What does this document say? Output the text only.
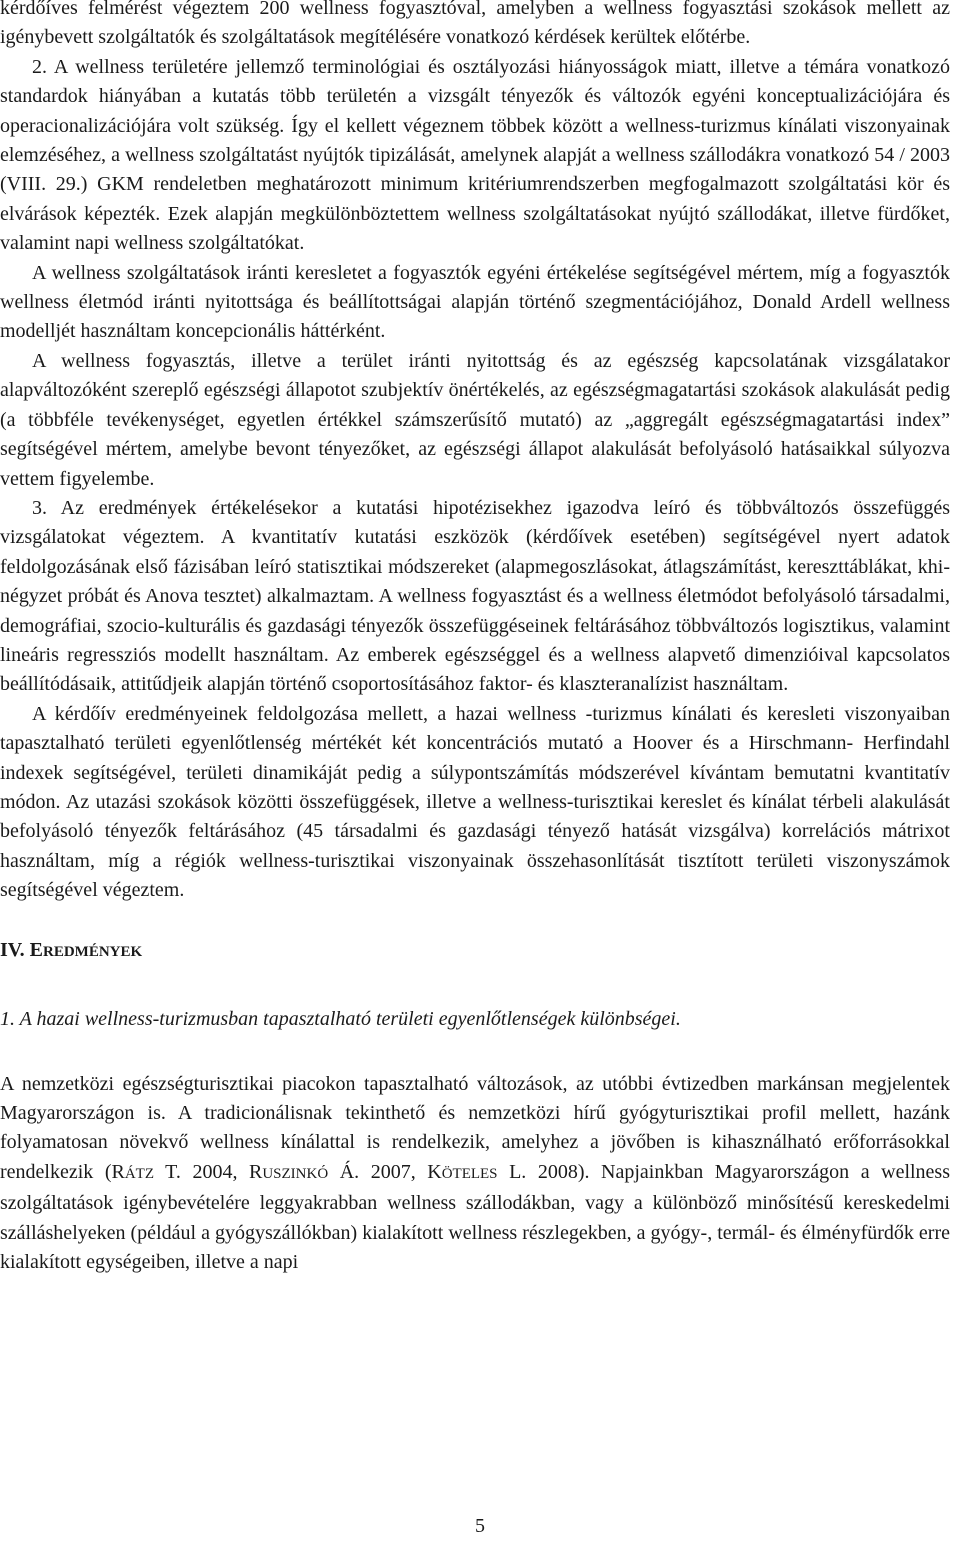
kérdőíves felmérést végeztem 200 wellness fogyasztóval, amelyben a wellness fogyasztási szokások mellett az igénybevett szolgáltatók és szolgáltatások megítélésére vonatkozó kérdések kerültek előtérbe.

2. A wellness területére jellemző terminológiai és osztályozási hiányosságok miatt, illetve a témára vonatkozó standardok hiányában a kutatás több területén a vizsgált tényezők és változók egyéni konceptualizációjára és operacionalizációjára volt szükség. Így el kellett végeznem többek között a wellness-turizmus kínálati viszonyainak elemzéséhez, a wellness szolgáltatást nyújtók tipizálását, amelynek alapját a wellness szállodákra vonatkozó 54 / 2003 (VIII. 29.) GKM rendeletben meghatározott minimum kritériumrendszerben megfogalmazott szolgáltatási kör és elvárások képezték. Ezek alapján megkülönböztettem wellness szolgáltatásokat nyújtó szállodákat, illetve fürdőket, valamint napi wellness szolgáltatókat.

A wellness szolgáltatások iránti keresletet a fogyasztók egyéni értékelése segítségével mértem, míg a fogyasztók wellness életmód iránti nyitottsága és beállítottságai alapján történő szegmentációjához, Donald Ardell wellness modelljét használtam koncepcionális háttérként.

A wellness fogyasztás, illetve a terület iránti nyitottság és az egészség kapcsolatának vizsgálatakor alapváltozóként szereplő egészségi állapotot szubjektív önértékelés, az egészségmagatartási szokások alakulását pedig (a többféle tevékenységet, egyetlen értékkel számszerűsítő mutató) az „aggregált egészségmagatartási index” segítségével mértem, amelybe bevont tényezőket, az egészségi állapot alakulását befolyásoló hatásaikkal súlyozva vettem figyelembe.

3. Az eredmények értékelésekor a kutatási hipotézisekhez igazodva leíró és többváltozós összefüggés vizsgálatokat végeztem. A kvantitatív kutatási eszközök (kérdőívek esetében) segítségével nyert adatok feldolgozásának első fázisában leíró statisztikai módszereket (alapmegoszlásokat, átlagszámítást, kereszttáblákat, khi-négyzet próbát és Anova tesztet) alkalmaztam. A wellness fogyasztást és a wellness életmódot befolyásoló társadalmi, demográfiai, szocio-kulturális és gazdasági tényezők összefüggéseinek feltárásához többváltozós logisztikus, valamint lineáris regressziós modellt használtam. Az emberek egészséggel és a wellness alapvető dimenzióival kapcsolatos beállítódásaik, attitűdjeik alapján történő csoportosításához faktor- és klaszteranalízist használtam.

A kérdőív eredményeinek feldolgozása mellett, a hazai wellness -turizmus kínálati és keresleti viszonyaiban tapasztalható területi egyenlőtlenség mértékét két koncentrációs mutató a Hoover és a Hirschmann- Herfindahl indexek segítségével, területi dinamikáját pedig a súlypontszámítás módszerével kívántam bemutatni kvantitatív módon. Az utazási szokások közötti összefüggések, illetve a wellness-turisztikai kereslet és kínálat térbeli alakulását befolyásoló tényezők feltárásához (45 társadalmi és gazdasági tényező hatását vizsgálva) korrelációs mátrixot használtam, míg a régiók wellness-turisztikai viszonyainak összehasonlítását tisztított területi viszonyszámok segítségével végeztem.

IV. EREDMÉNYEK
1. A hazai wellness-turizmusban tapasztalható területi egyenlőtlenségek különbségei.

A nemzetközi egészségturisztikai piacokon tapasztalható változások, az utóbbi évtizedben markánsan megjelentek Magyarországon is. A tradicionálisnak tekinthető és nemzetközi hírű gyógyturisztikai profil mellett, hazánk folyamatosan növekvő wellness kínálattal is rendelkezik, amelyhez a jövőben is kihasználható erőforrásokkal rendelkezik (RÁTZ T. 2004, RUSZINKÓ Á. 2007, KÖTELES L. 2008). Napjainkban Magyarországon a wellness szolgáltatások igénybevételére leggyakrabban wellness szállodákban, vagy a különböző minősítésű kereskedelmi szálláshelyeken (például a gyógyszállókban) kialakított wellness részlegekben, a gyógy-, termál- és élményfürdők erre kialakított egységeiben, illetve a napi

5
